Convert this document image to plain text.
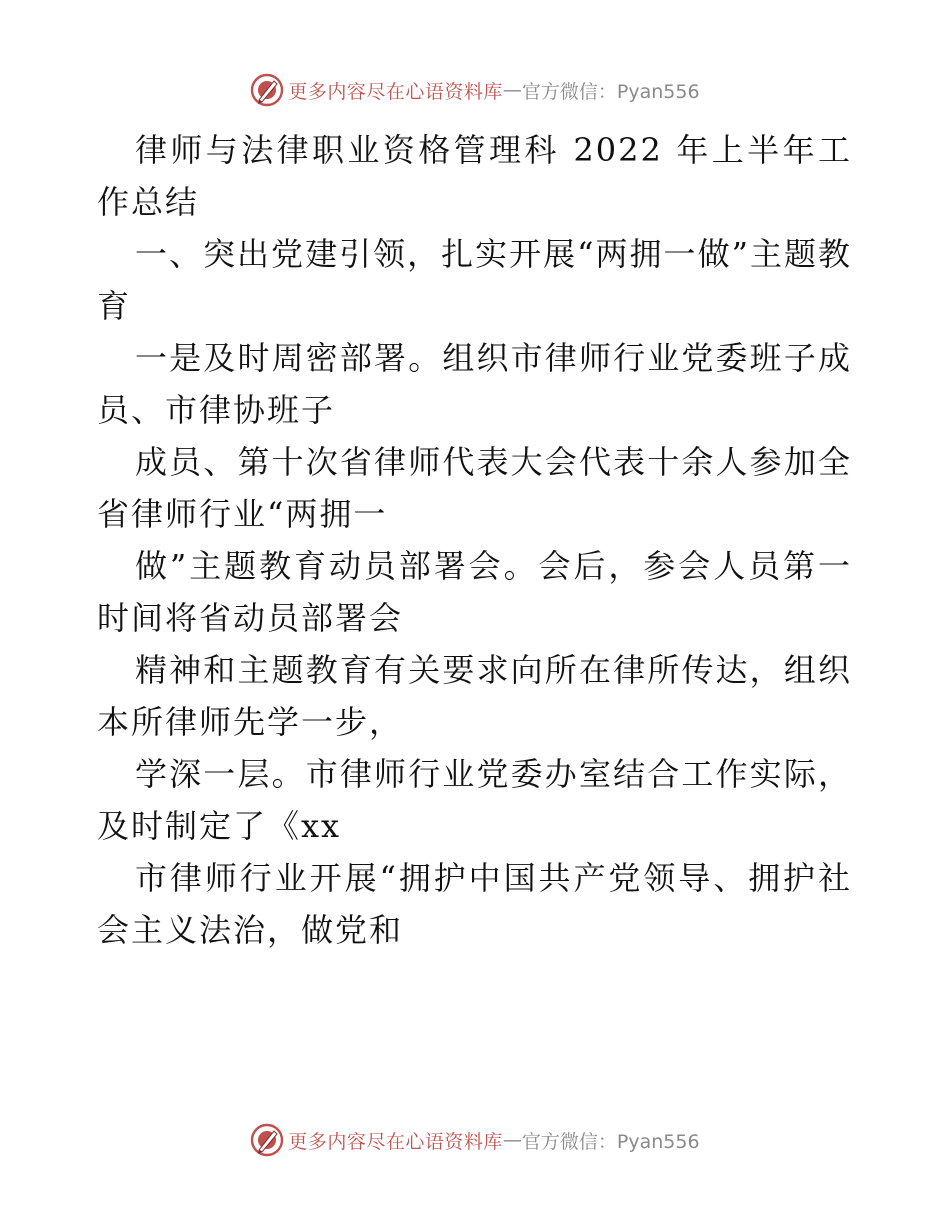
更多内容尽在心语资料库 — 官方微信：Pyan556

律师与法律职业资格管理科 2022 年上半年工作总结

一、突出党建引领，扎实开展“两拥一做”主题教育

一是及时周密部署。组织市律师行业党委班子成员、市律协班子

成员、第十次省律师代表大会代表十余人参加全省律师行业“两拥一

做”主题教育动员部署会。会后，参会人员第一时间将省动员部署会

精神和主题教育有关要求向所在律所传达，组织本所律师先学一步，

学深一层。市律师行业党委办室结合工作实际，及时制定了《xx

市律师行业开展“拥护中国共产党领导、拥护社会主义法治，做党和

更多内容尽在心语资料库 — 官方微信：Pyan556
